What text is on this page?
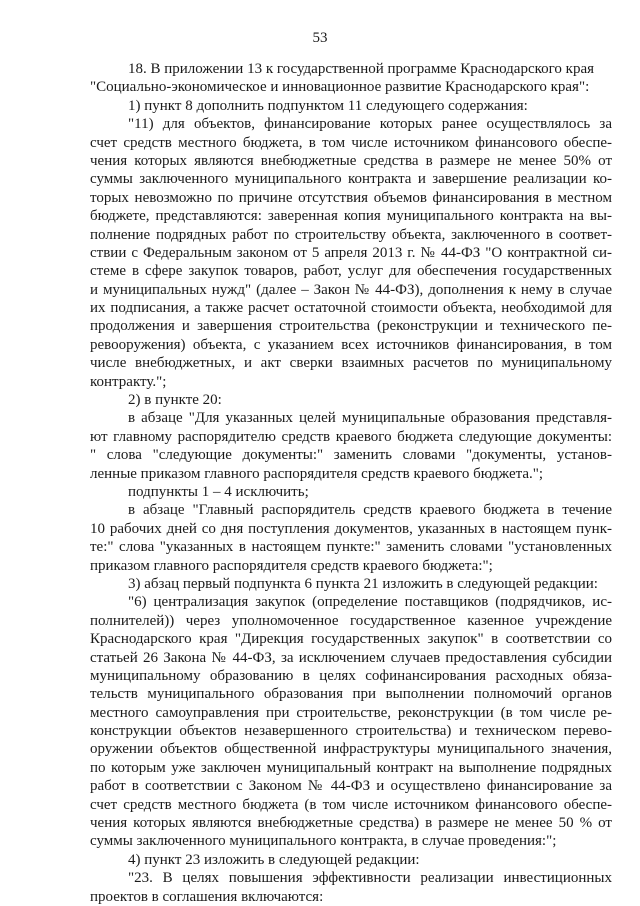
53
18. В приложении 13 к государственной программе Краснодарского края
"Социально-экономическое и инновационное развитие Краснодарского края":
1) пункт 8 дополнить подпунктом 11 следующего содержания:
"11) для объектов, финансирование которых ранее осуществлялось за
счет средств местного бюджета, в том числе источником финансового обеспе-
чения которых являются внебюджетные средства в размере не менее 50% от
суммы заключенного муниципального контракта и завершение реализации ко-
торых невозможно по причине отсутствия объемов финансирования в местном
бюджете, представляются: заверенная копия муниципального контракта на вы-
полнение подрядных работ по строительству объекта, заключенного в соответ-
ствии с Федеральным законом от 5 апреля 2013 г. № 44-ФЗ "О контрактной си-
стеме в сфере закупок товаров, работ, услуг для обеспечения государственных
и муниципальных нужд" (далее – Закон № 44-ФЗ), дополнения к нему в случае
их подписания, а также расчет остаточной стоимости объекта, необходимой для
продолжения и завершения строительства (реконструкции и технического пе-
ревооружения) объекта, с указанием всех источников финансирования, в том
числе внебюджетных, и акт сверки взаимных расчетов по муниципальному
контракту.";
2) в пункте 20:
в абзаце "Для указанных целей муниципальные образования представля-
ют главному распорядителю средств краевого бюджета следующие документы:
" слова "следующие документы:" заменить словами "документы, установ-
ленные приказом главного распорядителя средств краевого бюджета.";
подпункты 1 – 4 исключить;
в абзаце "Главный распорядитель средств краевого бюджета в течение
10 рабочих дней со дня поступления документов, указанных в настоящем пунк-
те:" слова "указанных в настоящем пункте:" заменить словами "установленных
приказом главного распорядителя средств краевого бюджета:";
3) абзац первый подпункта 6 пункта 21 изложить в следующей редакции:
"6) централизация закупок (определение поставщиков (подрядчиков, ис-
полнителей)) через уполномоченное государственное казенное учреждение
Краснодарского края "Дирекция государственных закупок" в соответствии со
статьей 26 Закона № 44-ФЗ, за исключением случаев предоставления субсидии
муниципальному образованию в целях софинансирования расходных обяза-
тельств муниципального образования при выполнении полномочий органов
местного самоуправления при строительстве, реконструкции (в том числе ре-
конструкции объектов незавершенного строительства) и техническом перево-
оружении объектов общественной инфраструктуры муниципального значения,
по которым уже заключен муниципальный контракт на выполнение подрядных
работ в соответствии с Законом № 44-ФЗ и осуществлено финансирование за
счет средств местного бюджета (в том числе источником финансового обеспе-
чения которых являются внебюджетные средства) в размере не менее 50 % от
суммы заключенного муниципального контракта, в случае проведения:";
4) пункт 23 изложить в следующей редакции:
"23. В целях повышения эффективности реализации инвестиционных
проектов в соглашения включаются:
